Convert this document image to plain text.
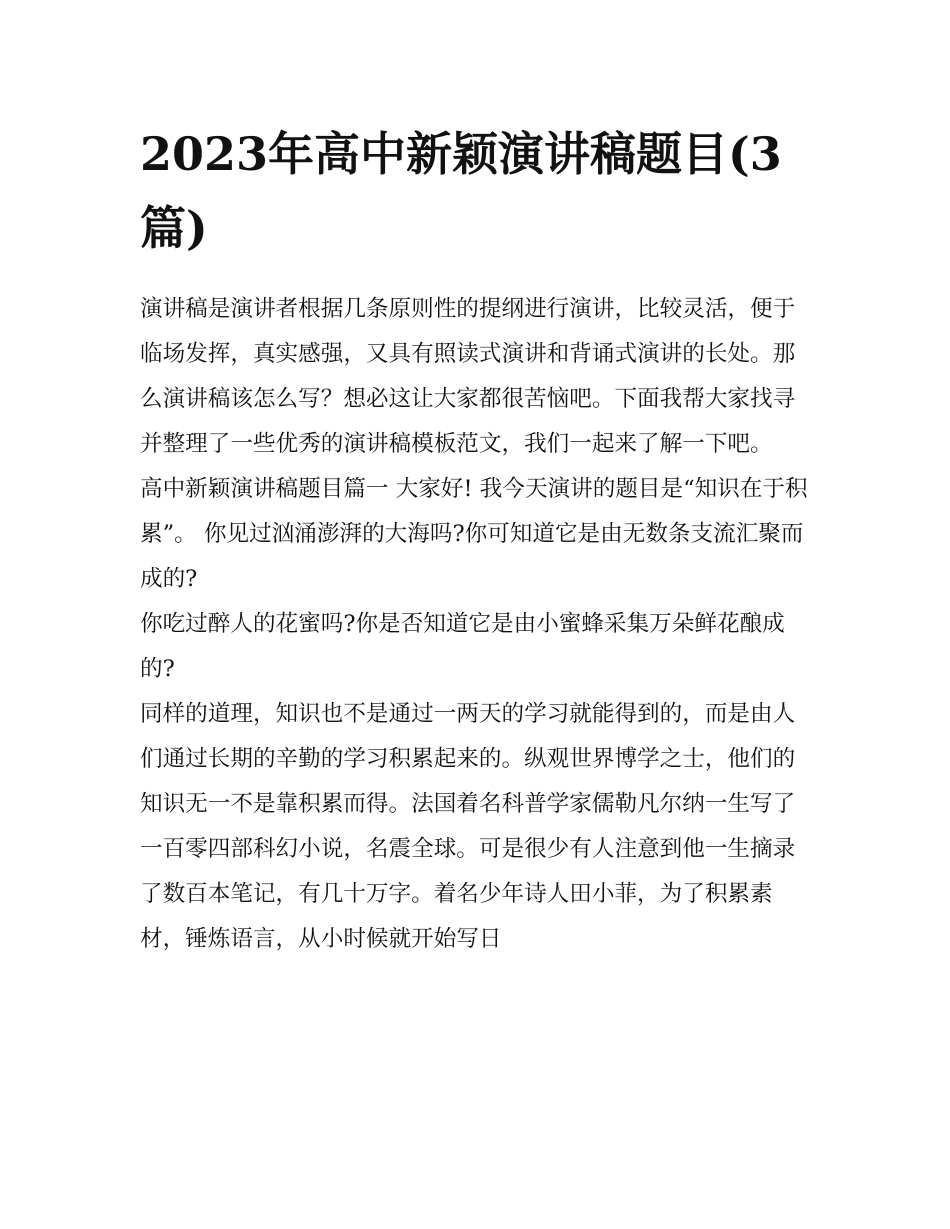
2023年高中新颖演讲稿题目(3篇)

演讲稿是演讲者根据几条原则性的提纲进行演讲，比较灵活，便于临场发挥，真实感强，又具有照读式演讲和背诵式演讲的长处。那么演讲稿该怎么写？想必这让大家都很苦恼吧。下面我帮大家找寻并整理了一些优秀的演讲稿模板范文，我们一起来了解一下吧。

高中新颖演讲稿题目篇一 大家好! 我今天演讲的题目是“知识在于积累”。 你见过汹涌澎湃的大海吗?你可知道它是由无数条支流汇聚而成的?

你吃过醉人的花蜜吗?你是否知道它是由小蜜蜂采集万朵鲜花酿成的?

同样的道理，知识也不是通过一两天的学习就能得到的，而是由人们通过长期的辛勤的学习积累起来的。纵观世界博学之士，他们的知识无一不是靠积累而得。法国着名科普学家儒勒凡尔纳一生写了一百零四部科幻小说，名震全球。可是很少有人注意到他一生摘录了数百本笔记，有几十万字。着名少年诗人田小菲，为了积累素材，锤炼语言，从小时候就开始写日
